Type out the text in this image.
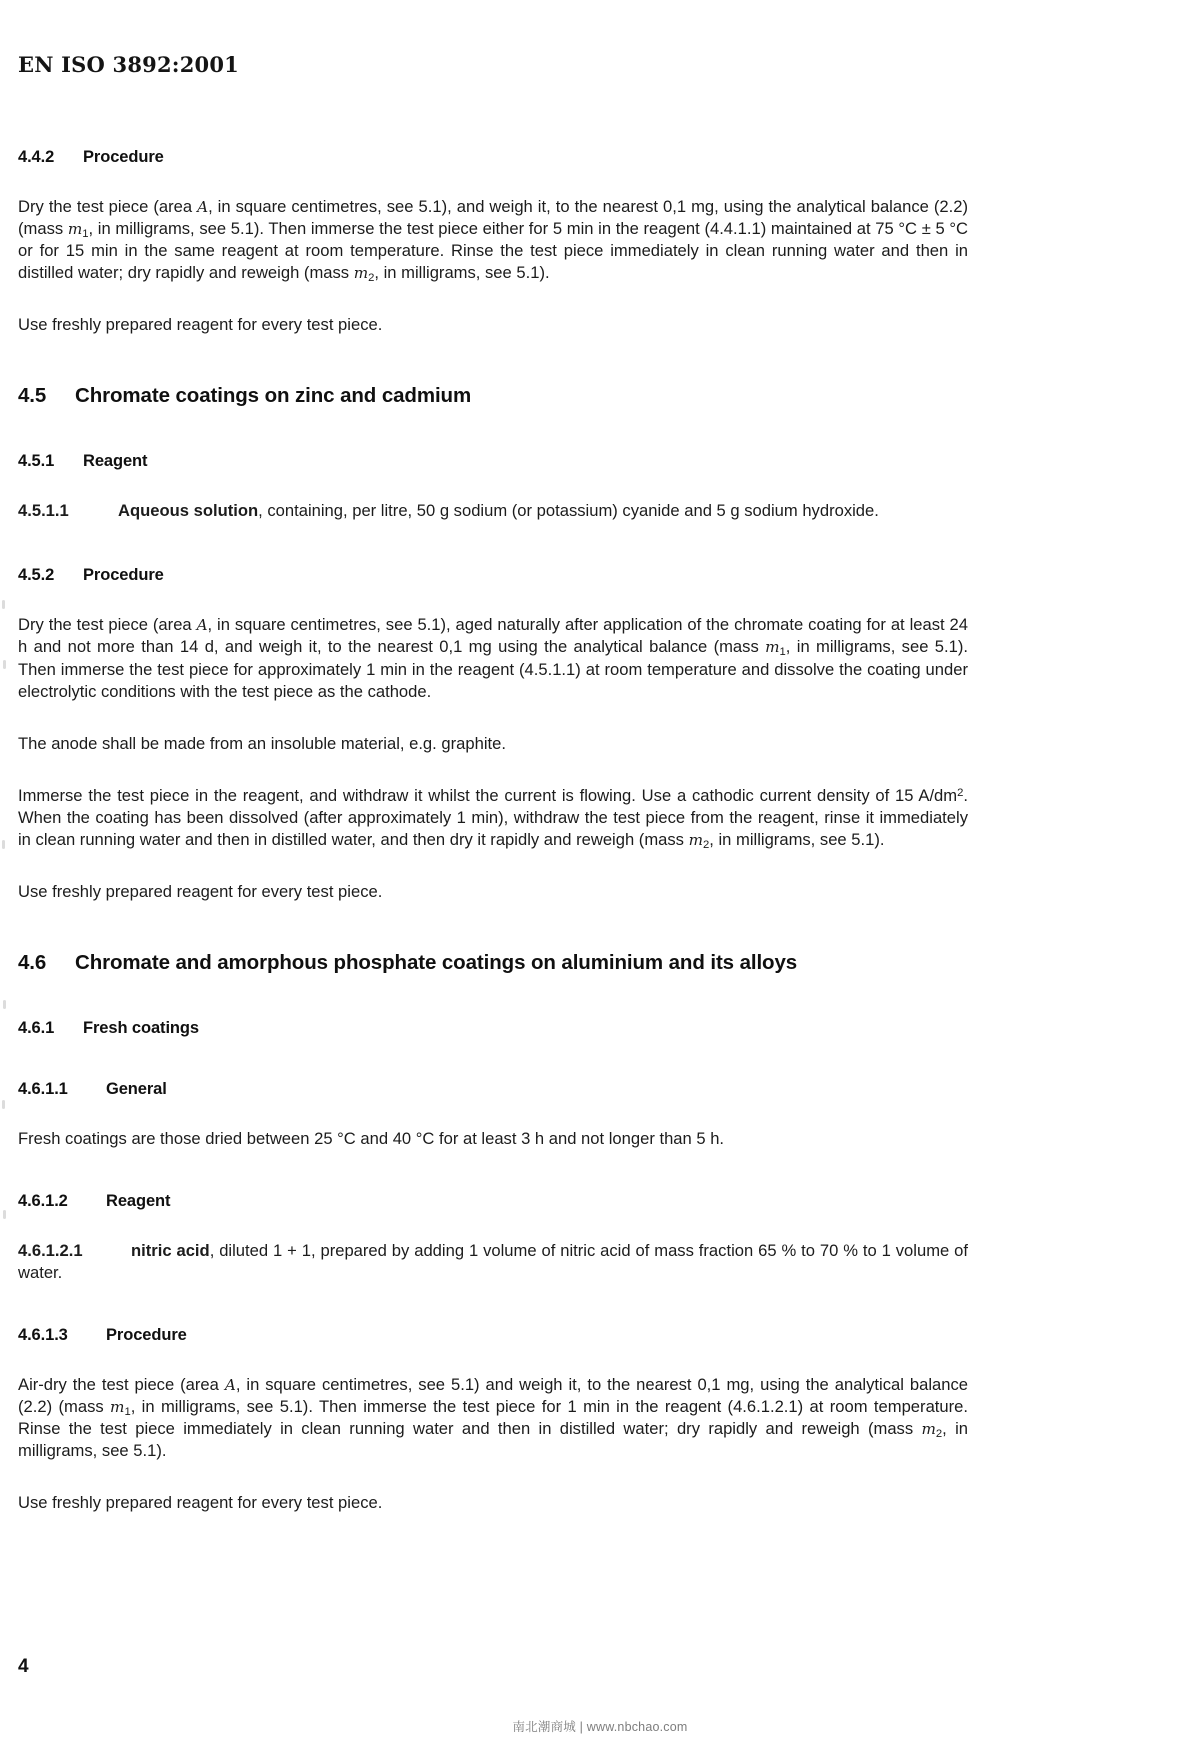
EN ISO 3892:2001
4.4.2 Procedure

Dry the test piece (area A, in square centimetres, see 5.1), and weigh it, to the nearest 0,1 mg, using the analytical balance (2.2) (mass $m_1$, in milligrams, see 5.1). Then immerse the test piece either for 5 min in the reagent (4.4.1.1) maintained at 75 °C ± 5 °C or for 15 min in the same reagent at room temperature. Rinse the test piece immediately in clean running water and then in distilled water; dry rapidly and reweigh (mass $m_2$, in milligrams, see 5.1).

Use freshly prepared reagent for every test piece.

4.5 Chromate coatings on zinc and cadmium
4.5.1 Reagent

4.5.1.1	Aqueous solution, containing, per litre, 50 g sodium (or potassium) cyanide and 5 g sodium hydroxide.

4.5.2 Procedure

Dry the test piece (area A, in square centimetres, see 5.1), aged naturally after application of the chromate coating for at least 24 h and not more than 14 d, and weigh it, to the nearest 0,1 mg using the analytical balance (mass $m_1$, in milligrams, see 5.1). Then immerse the test piece for approximately 1 min in the reagent (4.5.1.1) at room temperature and dissolve the coating under electrolytic conditions with the test piece as the cathode.

The anode shall be made from an insoluble material, e.g. graphite.

Immerse the test piece in the reagent, and withdraw it whilst the current is flowing. Use a cathodic current density of 15 $A/dm^2$. When the coating has been dissolved (after approximately 1 min), withdraw the test piece from the reagent, rinse it immediately in clean running water and then in distilled water, and then dry it rapidly and reweigh (mass $m_2$, in milligrams, see 5.1).

Use freshly prepared reagent for every test piece.

4.6 Chromate and amorphous phosphate coatings on aluminium and its alloys
4.6.1 Fresh coatings
4.6.1.1 General

Fresh coatings are those dried between 25 °C and 40 °C for at least 3 h and not longer than 5 h.

4.6.1.2 Reagent

4.6.1.2.1	nitric acid, diluted 1 + 1, prepared by adding 1 volume of nitric acid of mass fraction 65 % to 70 % to 1 volume of water.

4.6.1.3 Procedure

Air-dry the test piece (area A, in square centimetres, see 5.1) and weigh it, to the nearest 0,1 mg, using the analytical balance (2.2) (mass $m_1$, in milligrams, see 5.1). Then immerse the test piece for 1 min in the reagent (4.6.1.2.1) at room temperature. Rinse the test piece immediately in clean running water and then in distilled water; dry rapidly and reweigh (mass $m_2$, in milligrams, see 5.1).

Use freshly prepared reagent for every test piece.

4
南北潮商城 | www.nbchao.com
